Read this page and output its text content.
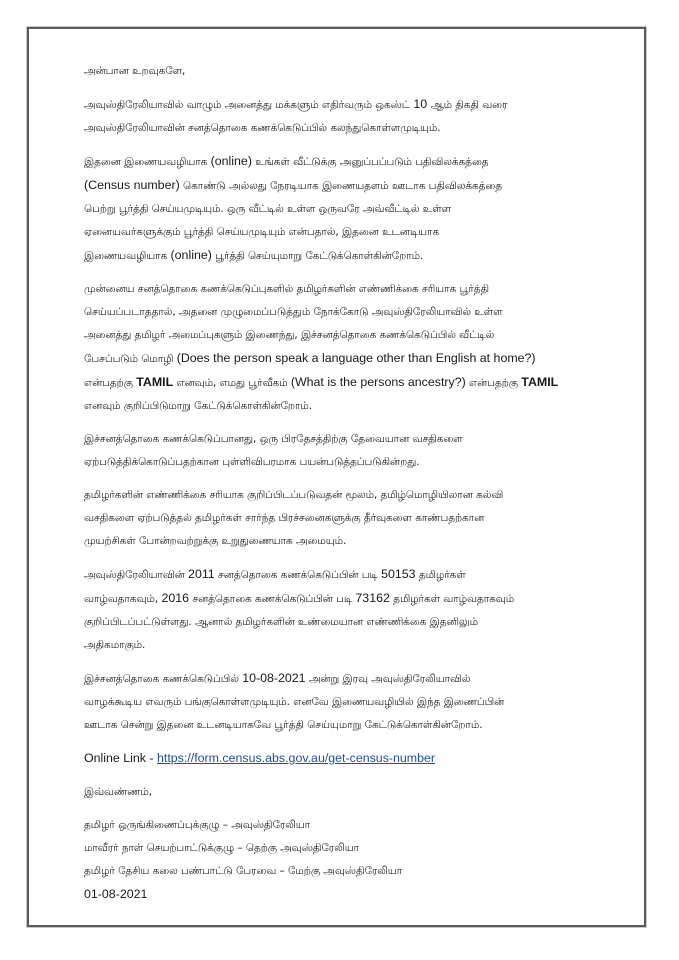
அன்பான உறவுகளே,

அவுஸ்திரேலியாவில் வாழும் அனைத்து மக்களும் எதிர்வரும் ஒகஸ்ட் 10 ஆம் திகதி வரை
அவுஸ்திரேலியாவின் சனத்தொகை கணக்கெடுப்பில் கலந்துகொள்ளமுடியும்.

இதனை இணையவழியாக (online) உங்கள் வீட்டுக்கு அனுப்பப்படும் பதிவிலக்கத்தை
(Census number) கொண்டு அல்லது நேரடியாக இணையதளம் ஊடாக பதிவிலக்கத்தை
பெற்று பூர்த்தி செய்யமுடியும். ஒரு வீட்டில் உள்ள ஒருவரே அவ்வீட்டில் உள்ள
ஏனையவர்களுக்கும் பூர்த்தி செய்யமுடியும் என்பதால், இதனை உடனடியாக
இணையவழியாக (online) பூர்த்தி செய்யுமாறு கேட்டுக்கொள்கின்றோம்.

முன்னைய சனத்தொகை கணக்கெடுப்புகளில் தமிழர்களின் எண்ணிக்கை சரியாக பூர்த்தி
செய்யப்படாததால், அதனை முழுமைப்படுத்தும் நோக்கோடு அவுஸ்திரேலியாவில் உள்ள
அனைத்து தமிழர் அமைப்புகளும் இணைந்து, இச்சனத்தொகை கணக்கெடுப்பில் வீட்டில்
பேசப்படும் மொழி (Does the person speak a language other than English at home?)
என்பதற்கு TAMIL எனவும், எமது பூர்வீகம் (What is the persons ancestry?) என்பதற்கு TAMIL
எனவும் குறிப்பிடுமாறு கேட்டுக்கொள்கின்றோம்.

இச்சனத்தொகை கணக்கெடுப்பானது, ஒரு பிரதேசத்திற்கு தேவையான வசதிகளை
ஏற்படுத்திக்கொடுப்பதற்கான புள்ளிவிபரமாக பயன்படுத்தப்படுகின்றது.

தமிழர்களின் எண்ணிக்கை சரியாக குறிப்பிடப்படுவதன் மூலம், தமிழ்மொழியிலான கல்வி
வசதிகளை ஏற்படுத்தல் தமிழர்கள் சார்ந்த பிரச்சனைகளுக்கு தீர்வுகளை காண்பதற்கான
முயற்சிகள் போன்றவற்றுக்கு உறுதுணையாக அமையும்.

அவுஸ்திரேலியாவின் 2011 சனத்தொகை கணக்கெடுப்பின் படி 50153 தமிழர்கள்
வாழ்வதாகவும், 2016 சனத்தொகை கணக்கெடுப்பின் படி 73162 தமிழர்கள் வாழ்வதாகவும்
குறிப்பிடப்பட்டுள்ளது. ஆனால் தமிழர்களின் உண்மையான எண்ணிக்கை இதனிலும்
அதிகமாகும்.

இச்சனத்தொகை கணக்கெடுப்பில் 10-08-2021 அன்று இரவு அவுஸ்திரேலியாவில்
வாழக்கூடிய எவரும் பங்குகொள்ளமுடியும். எனவே இணையவழியில் இந்த இணைப்பின்
ஊடாக சென்று இதனை உடனடியாகவே பூர்த்தி செய்யுமாறு கேட்டுக்கொள்கின்றோம்.

Online Link - https://form.census.abs.gov.au/get-census-number

இவ்வண்ணம்,

தமிழர் ஒருங்கிணைப்புக்குழு – அவுஸ்திரேலியா

மாவீரர் நாள் செயற்பாட்டுக்குழு – தெற்கு அவுஸ்திரேலியா

தமிழர் தேசிய கலை பண்பாட்டு பேரவை – மேற்கு அவுஸ்திரேலியா

01-08-2021
